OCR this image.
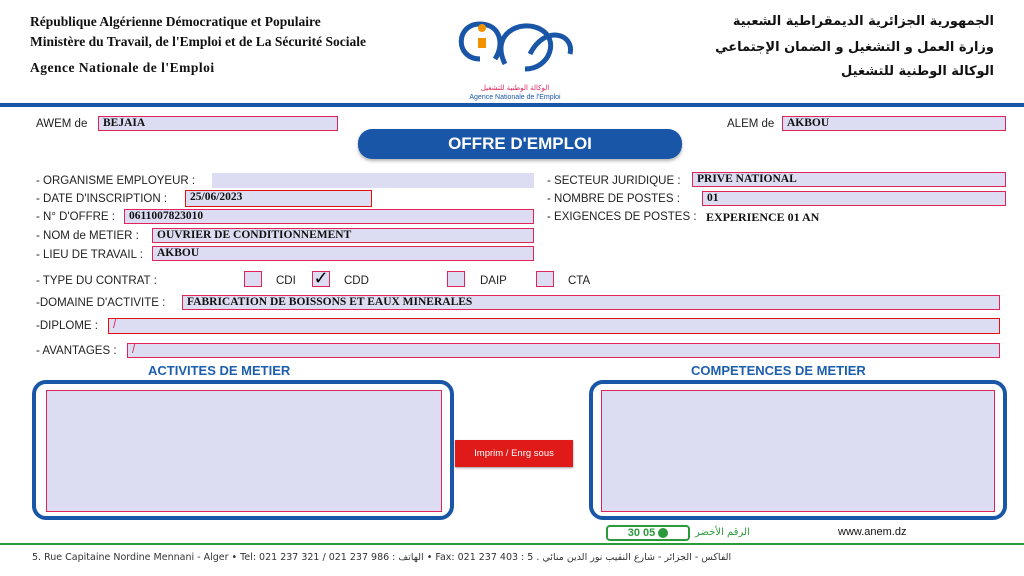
République Algérienne Démocratique et Populaire
Ministère du Travail, de l'Emploi et de La Sécurité Sociale
Agence Nationale de l'Emploi
الجمهورية الجزائرية الديمقراطية الشعبية
وزارة العمل و التشغيل و الضمان الإجتماعي
الوكالة الوطنية للتشغيل
الوكالة الوطنية للتشغيل
Agence Nationale de l'Emploi
AWEM de	BEJAIA	ALEM de	AKBOU
OFFRE D'EMPLOI
- ORGANISME EMPLOYEUR :
- DATE D'INSCRIPTION :	25/06/2023
- N° D'OFFRE :	0611007823010
- NOM de METIER :	OUVRIER DE CONDITIONNEMENT
- LIEU DE TRAVAIL :	AKBOU
- SECTEUR JURIDIQUE :	PRIVE NATIONAL
- NOMBRE DE POSTES :	01
- EXIGENCES DE POSTES : EXPERIENCE 01 AN
- TYPE DU CONTRAT :	CDI ✓ CDD	DAIP	CTA
-DOMAINE D'ACTIVITE :	FABRICATION DE BOISSONS ET EAUX MINERALES
-DIPLOME :	/
- AVANTAGES :	/
ACTIVITES DE METIER	COMPETENCES DE METIER
Imprim / Enrg sous
30 05	الرقم الأخضر	www.anem.dz
5. Rue Capitaine Nordine Mennani - Alger • Tel: 021 237 321 / 021 237 986 : الهاتف • Fax: 021 237 403 : الفاكس - الجزائر - شارع النقيب نور الدين منائي . 5
